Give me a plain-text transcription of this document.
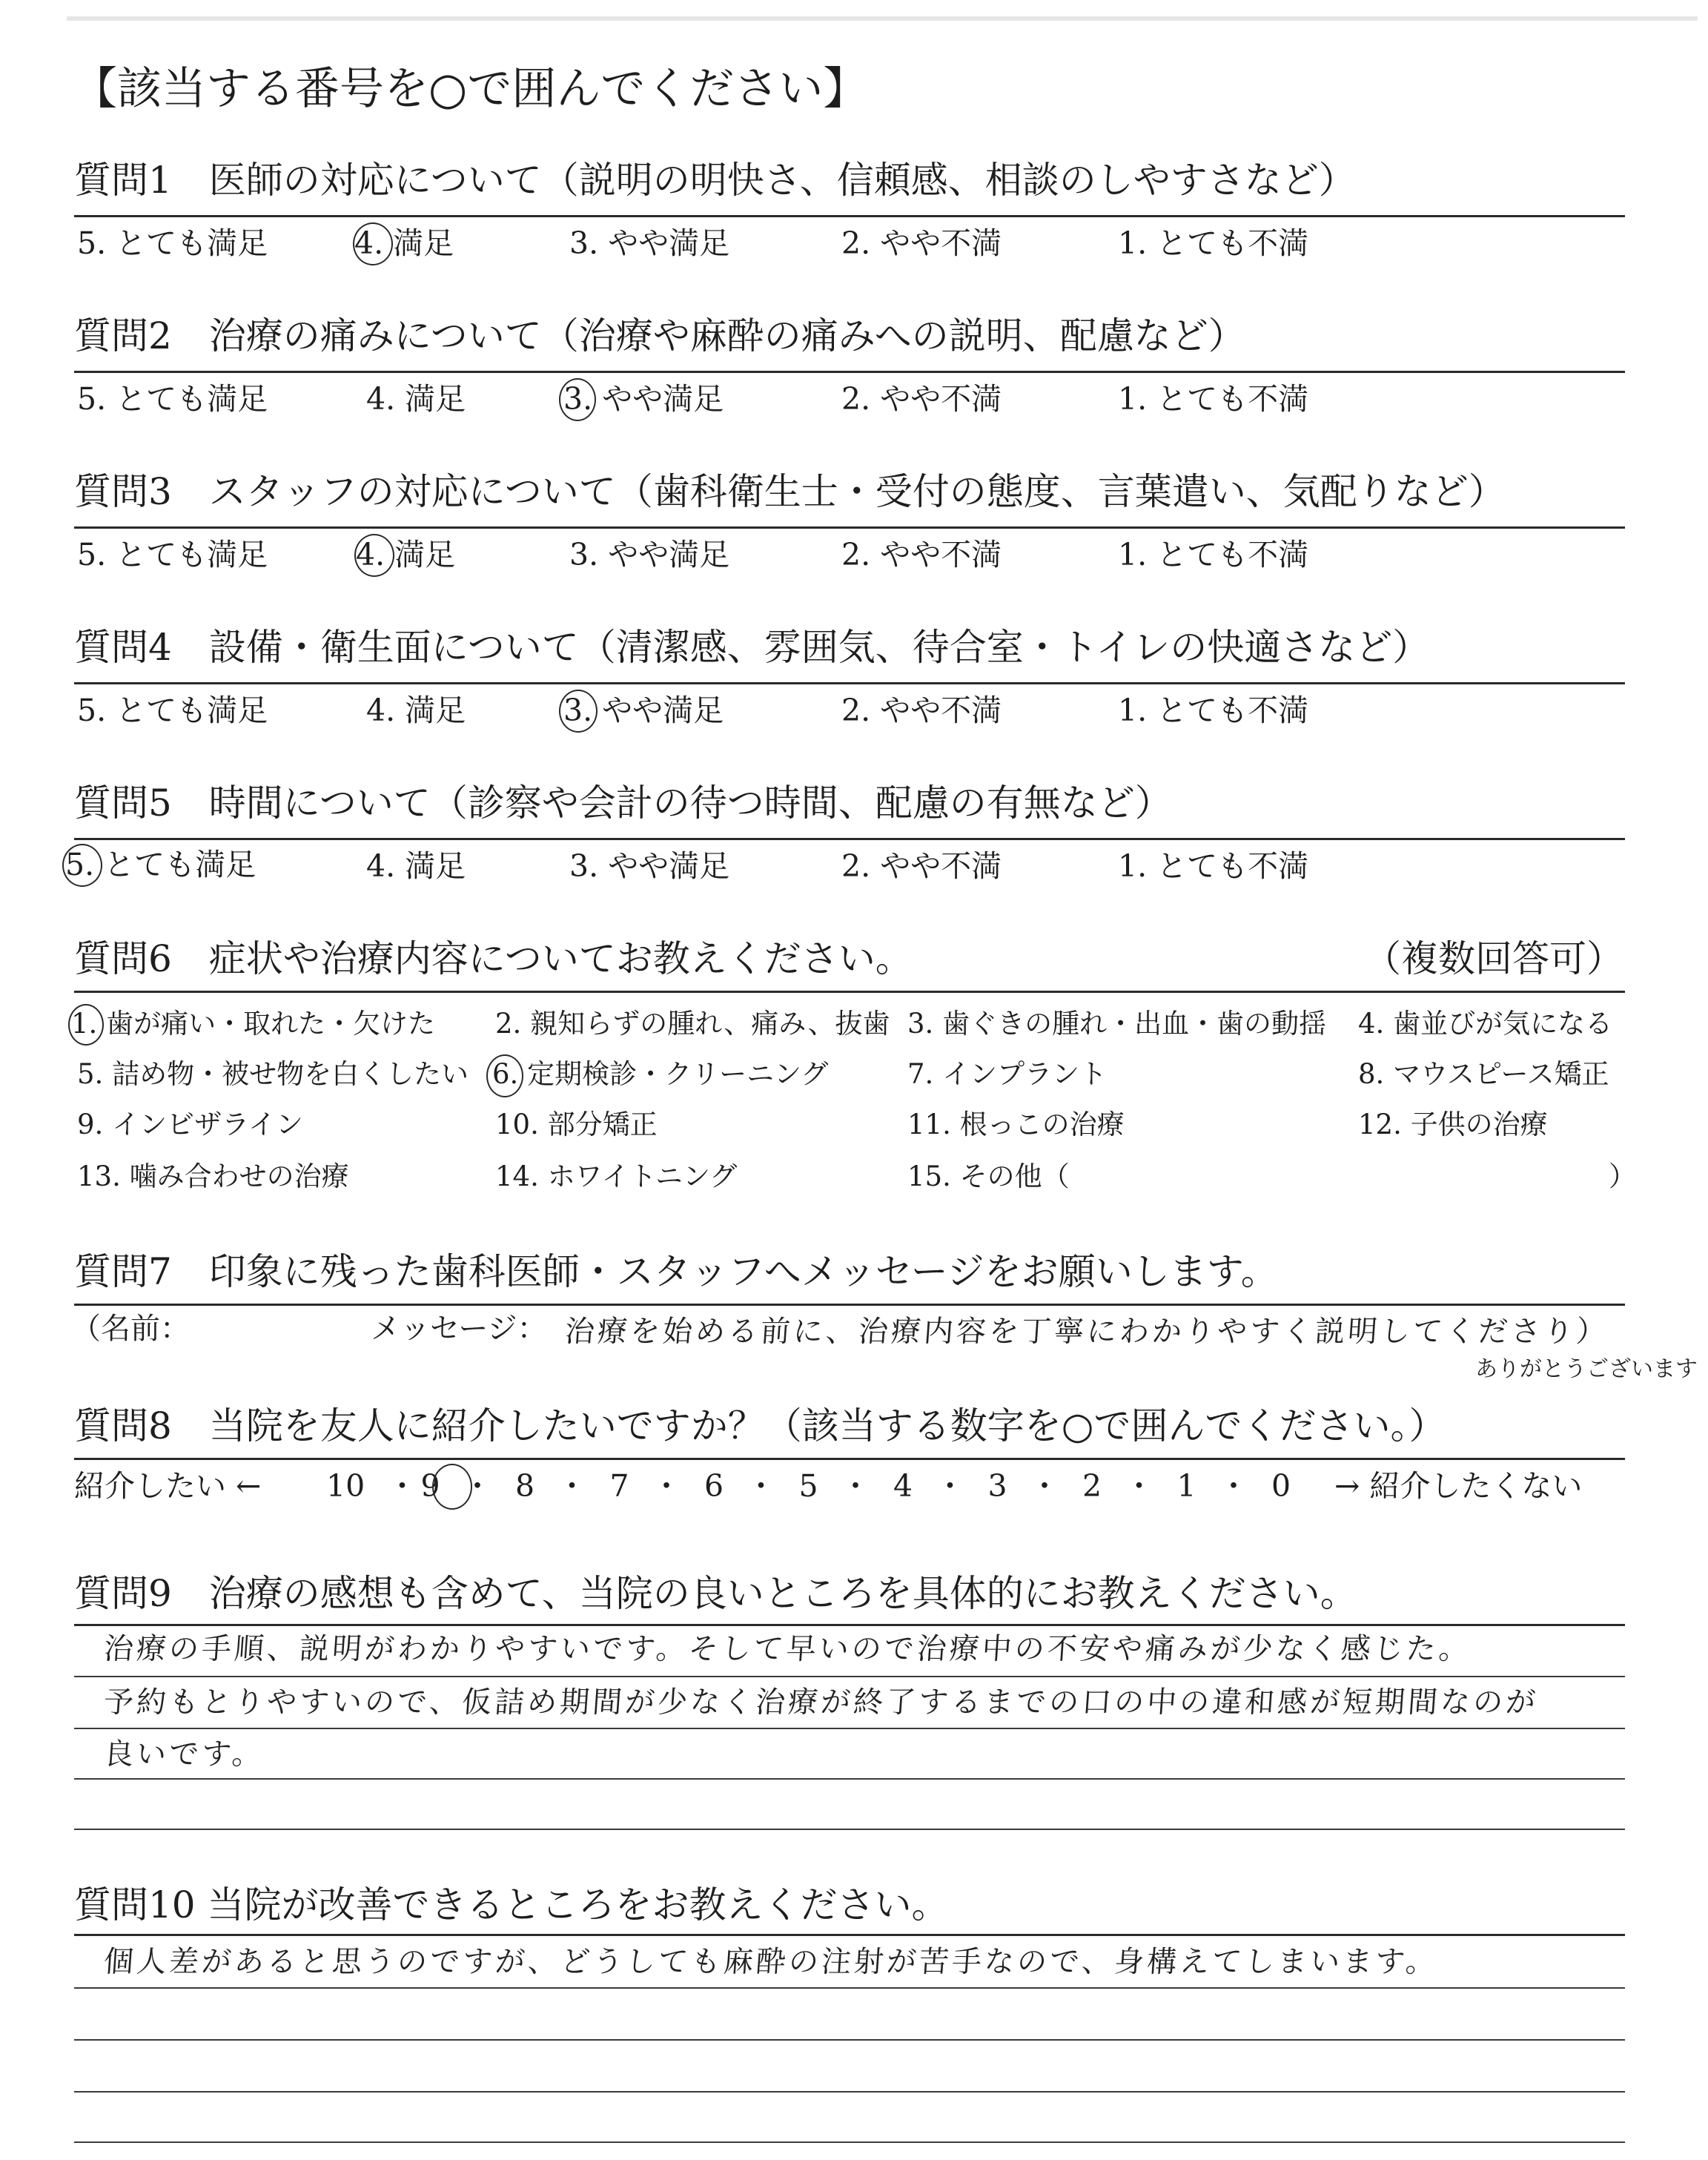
【該当する番号を○で囲んでください】
質問1　医師の対応について（説明の明快さ、信頼感、相談のしやすさなど）
5. とても満足	4. 満足	3. やや満足	2. やや不満	1. とても不満
質問2　治療の痛みについて（治療や麻酔の痛みへの説明、配慮など）
5. とても満足	4. 満足	3. やや満足	2. やや不満	1. とても不満
質問3　スタッフの対応について（歯科衛生士・受付の態度、言葉遣い、気配りなど）
5. とても満足	4. 満足	3. やや満足	2. やや不満	1. とても不満
質問4　設備・衛生面について（清潔感、雰囲気、待合室・トイレの快適さなど）
5. とても満足	4. 満足	3. やや満足	2. やや不満	1. とても不満
質問5　時間について（診察や会計の待つ時間、配慮の有無など）
5. とても満足	4. 満足	3. やや満足	2. やや不満	1. とても不満
質問6　症状や治療内容についてお教えください。	（複数回答可）
1. 歯が痛い・取れた・欠けた 2. 親知らずの腫れ、痛み、抜歯 3. 歯ぐきの腫れ・出血・歯の動揺 4. 歯並びが気になる
5. 詰め物・被せ物を白くしたい 6. 定期検診・クリーニング	7. インプラント	8. マウスピース矯正
9. インビザライン	10. 部分矯正	11. 根っこの治療	12. 子供の治療
13. 噛み合わせの治療	14. ホワイトニング	15. その他（	）
質問7　印象に残った歯科医師・スタッフへメッセージをお願いします。
（名前：	メッセージ： 治療を始める前に、治療内容を丁寧にわかりやすく説明してくださり）
ありがとうございます
質問8　当院を友人に紹介したいですか？（該当する数字を○で囲んでください。）
紹介したい ← 10 ・ 9 ・ 8 ・ 7 ・ 6 ・ 5 ・ 4 ・ 3 ・ 2 ・ 1 ・ 0 → 紹介したくない
質問9　治療の感想も含めて、当院の良いところを具体的にお教えください。
治療の手順、説明がわかりやすいです。そして早いので治療中の不安や痛みが少なく感じた。
予約もとりやすいので、仮詰め期間が少なく治療が終了するまでの口の中の違和感が短期間なのが
良いです。
質問10 当院が改善できるところをお教えください。
個人差があると思うのですが、どうしても麻酔の注射が苦手なので、身構えてしまいます。
